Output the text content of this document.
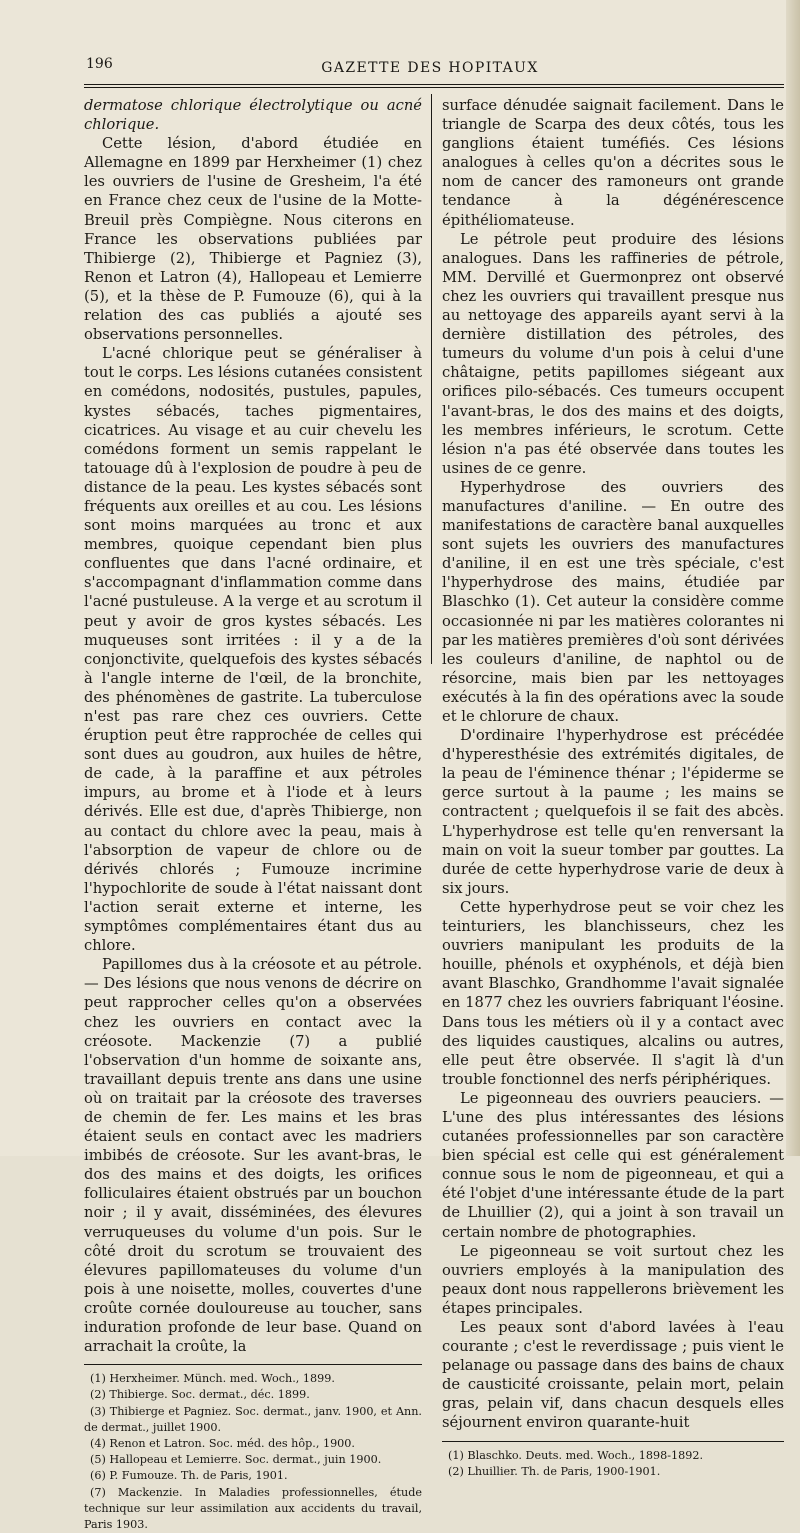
196	GAZETTE DES HOPITAUX

dermatose chlorique électrolytique ou acné chlorique.

Cette lésion, d'abord étudiée en Allemagne en 1899 par Herxheimer (1) chez les ouvriers de l'usine de Gresheim, l'a été en France chez ceux de l'usine de la Motte-Breuil près Compiègne. Nous citerons en France les observations publiées par Thibierge (2), Thibierge et Pagniez (3), Renon et Latron (4), Hallopeau et Lemierre (5), et la thèse de P. Fumouze (6), qui à la relation des cas publiés a ajouté ses observations personnelles.

L'acné chlorique peut se généraliser à tout le corps. Les lésions cutanées consistent en comédons, nodosités, pustules, papules, kystes sébacés, taches pigmentaires, cicatrices. Au visage et au cuir chevelu les comédons forment un semis rappelant le tatouage dû à l'explosion de poudre à peu de distance de la peau. Les kystes sébacés sont fréquents aux oreilles et au cou. Les lésions sont moins marquées au tronc et aux membres, quoique cependant bien plus confluentes que dans l'acné ordinaire, et s'accompagnant d'inflammation comme dans l'acné pustuleuse. A la verge et au scrotum il peut y avoir de gros kystes sébacés. Les muqueuses sont irritées : il y a de la conjonctivite, quelquefois des kystes sébacés à l'angle interne de l'œil, de la bronchite, des phénomènes de gastrite. La tuberculose n'est pas rare chez ces ouvriers. Cette éruption peut être rapprochée de celles qui sont dues au goudron, aux huiles de hêtre, de cade, à la paraffine et aux pétroles impurs, au brome et à l'iode et à leurs dérivés. Elle est due, d'après Thibierge, non au contact du chlore avec la peau, mais à l'absorption de vapeur de chlore ou de dérivés chlorés ; Fumouze incrimine l'hypochlorite de soude à l'état naissant dont l'action serait externe et interne, les symptômes complémentaires étant dus au chlore.

Papillomes dus à la créosote et au pétrole. — Des lésions que nous venons de décrire on peut rapprocher celles qu'on a observées chez les ouvriers en contact avec la créosote. Mackenzie (7) a publié l'observation d'un homme de soixante ans, travaillant depuis trente ans dans une usine où on traitait par la créosote des traverses de chemin de fer. Les mains et les bras étaient seuls en contact avec les madriers imbibés de créosote. Sur les avant-bras, le dos des mains et des doigts, les orifices folliculaires étaient obstrués par un bouchon noir ; il y avait, disséminées, des élevures verruqueuses du volume d'un pois. Sur le côté droit du scrotum se trouvaient des élevures papillomateuses du volume d'un pois à une noisette, molles, couvertes d'une croûte cornée douloureuse au toucher, sans induration profonde de leur base. Quand on arrachait la croûte, la

(1) Herxheimer. Münch. med. Woch., 1899.
(2) Thibierge. Soc. dermat., déc. 1899.
(3) Thibierge et Pagniez. Soc. dermat., janv. 1900, et Ann. de dermat., juillet 1900.
(4) Renon et Latron. Soc. méd. des hôp., 1900.
(5) Hallopeau et Lemierre. Soc. dermat., juin 1900.
(6) P. Fumouze. Th. de Paris, 1901.
(7) Mackenzie. In Maladies professionnelles, étude technique sur leur assimilation aux accidents du travail, Paris 1903.

surface dénudée saignait facilement. Dans le triangle de Scarpa des deux côtés, tous les ganglions étaient tuméfiés. Ces lésions analogues à celles qu'on a décrites sous le nom de cancer des ramoneurs ont grande tendance à la dégénérescence épithéliomateuse.

Le pétrole peut produire des lésions analogues. Dans les raffineries de pétrole, MM. Dervillé et Guermonprez ont observé chez les ouvriers qui travaillent presque nus au nettoyage des appareils ayant servi à la dernière distillation des pétroles, des tumeurs du volume d'un pois à celui d'une châtaigne, petits papillomes siégeant aux orifices pilo-sébacés. Ces tumeurs occupent l'avant-bras, le dos des mains et des doigts, les membres inférieurs, le scrotum. Cette lésion n'a pas été observée dans toutes les usines de ce genre.

Hyperhydrose des ouvriers des manufactures d'aniline. — En outre des manifestations de caractère banal auxquelles sont sujets les ouvriers des manufactures d'aniline, il en est une très spéciale, c'est l'hyperhydrose des mains, étudiée par Blaschko (1). Cet auteur la considère comme occasionnée ni par les matières colorantes ni par les matières premières d'où sont dérivées les couleurs d'aniline, de naphtol ou de résorcine, mais bien par les nettoyages exécutés à la fin des opérations avec la soude et le chlorure de chaux.

D'ordinaire l'hyperhydrose est précédée d'hyperesthésie des extrémités digitales, de la peau de l'éminence thénar ; l'épiderme se gerce surtout à la paume ; les mains se contractent ; quelquefois il se fait des abcès. L'hyperhydrose est telle qu'en renversant la main on voit la sueur tomber par gouttes. La durée de cette hyperhydrose varie de deux à six jours.

Cette hyperhydrose peut se voir chez les teinturiers, les blanchisseurs, chez les ouvriers manipulant les produits de la houille, phénols et oxyphénols, et déjà bien avant Blaschko, Grandhomme l'avait signalée en 1877 chez les ouvriers fabriquant l'éosine. Dans tous les métiers où il y a contact avec des liquides caustiques, alcalins ou autres, elle peut être observée. Il s'agit là d'un trouble fonctionnel des nerfs périphériques.

Le pigeonneau des ouvriers peauciers. — L'une des plus intéressantes des lésions cutanées professionnelles par son caractère bien spécial est celle qui est généralement connue sous le nom de pigeonneau, et qui a été l'objet d'une intéressante étude de la part de Lhuillier (2), qui a joint à son travail un certain nombre de photographies.

Le pigeonneau se voit surtout chez les ouvriers employés à la manipulation des peaux dont nous rappellerons brièvement les étapes principales.

Les peaux sont d'abord lavées à l'eau courante ; c'est le reverdissage ; puis vient le pelanage ou passage dans des bains de chaux de causticité croissante, pelain mort, pelain gras, pelain vif, dans chacun desquels elles séjournent environ quarante-huit

(1) Blaschko. Deuts. med. Woch., 1898-1892.
(2) Lhuillier. Th. de Paris, 1900-1901.
